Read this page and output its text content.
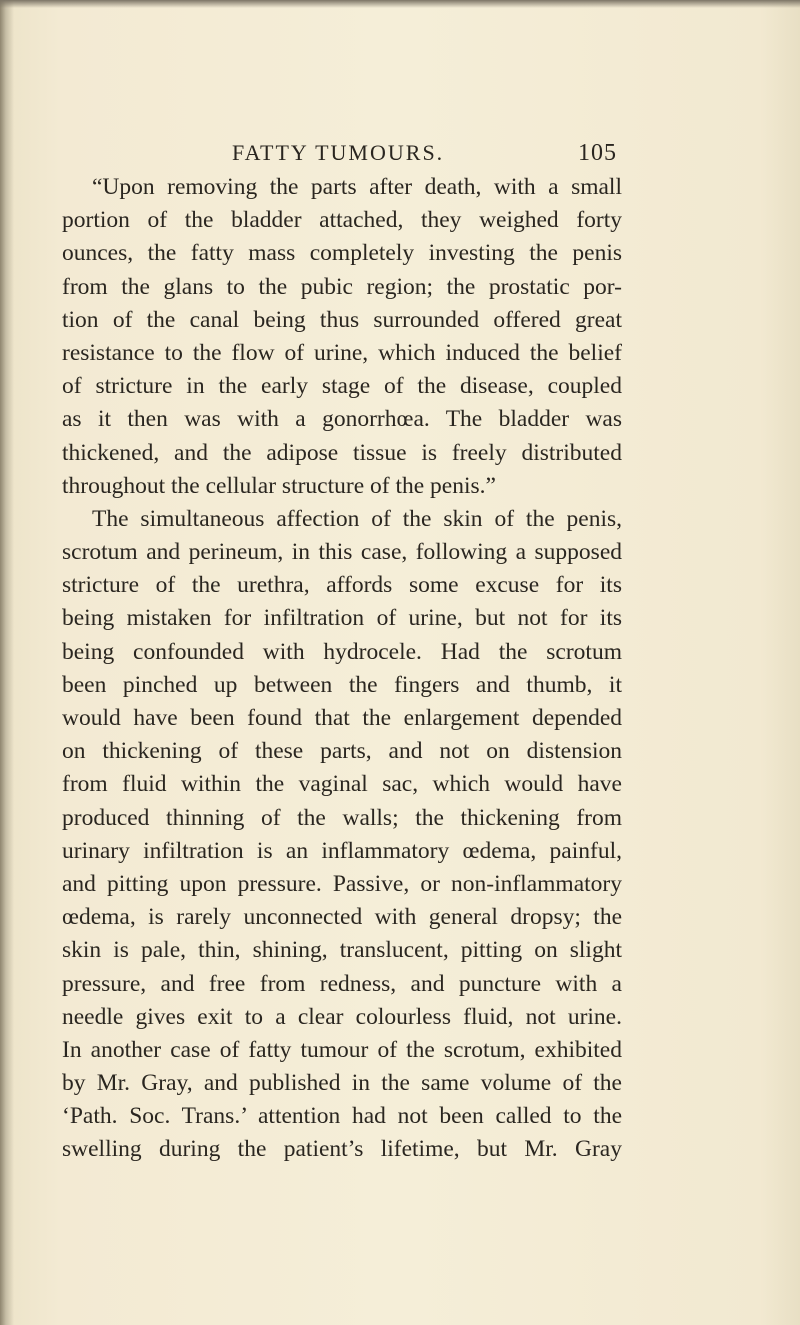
FATTY TUMOURS.	105
“Upon removing the parts after death, with a small
portion of the bladder attached, they weighed forty
ounces, the fatty mass completely investing the penis
from the glans to the pubic region; the prostatic por-
tion of the canal being thus surrounded offered great
resistance to the flow of urine, which induced the belief
of stricture in the early stage of the disease, coupled
as it then was with a gonorrhœa. The bladder was
thickened, and the adipose tissue is freely distributed
throughout the cellular structure of the penis.”
The simultaneous affection of the skin of the penis,
scrotum and perineum, in this case, following a supposed
stricture of the urethra, affords some excuse for its
being mistaken for infiltration of urine, but not for its
being confounded with hydrocele. Had the scrotum
been pinched up between the fingers and thumb, it
would have been found that the enlargement depended
on thickening of these parts, and not on distension
from fluid within the vaginal sac, which would have
produced thinning of the walls; the thickening from
urinary infiltration is an inflammatory œdema, painful,
and pitting upon pressure. Passive, or non-inflammatory
œdema, is rarely unconnected with general dropsy; the
skin is pale, thin, shining, translucent, pitting on slight
pressure, and free from redness, and puncture with a
needle gives exit to a clear colourless fluid, not urine.
In another case of fatty tumour of the scrotum, exhibited
by Mr. Gray, and published in the same volume of the
‘Path. Soc. Trans.’ attention had not been called to the
swelling during the patient’s lifetime, but Mr. Gray
